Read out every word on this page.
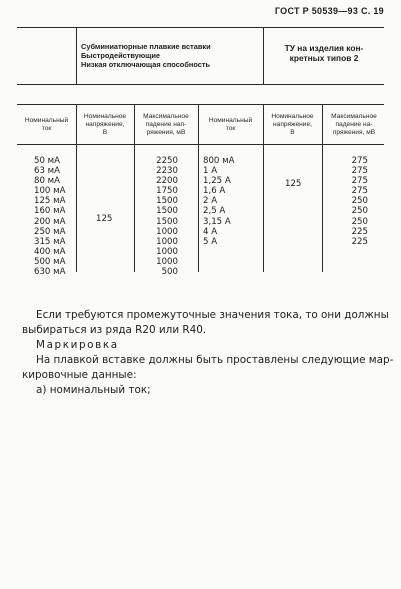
ГОСТ Р 50539—93 С. 19
Субминиатюрные плавкие вставки
Быстродействующие
Низкая отключающая способность
ТУ на изделия кон-
кретных типов 2
Номинальный
ток
Номинальное
напряжение,
В
Максимальное
падение нап-
ряжения, мВ
Номинальный
ток
Номинальное
напряжение,
В
Максимальное
падение на-
пряжения, мВ
50 мА
63 мА
80 мА
100 мА
125 мА
160 мА
200 мА
250 мА
315 мА
400 мА
500 мА
630 мА
125
2250
2230
2200
1750
1500
1500
1500
1000
1000
1000
1000
500
800 мА
1 А
1,25 А
1,6 А
2 А
2,5 А
3,15 А
4 А
5 А
125
275
275
275
275
250
250
250
225
225
Если требуются промежуточные значения тока, то они должны
выбираться из ряда R20 или R40.
Маркировка
На плавкой вставке должны быть проставлены следующие мар-
кировочные данные:
а) номинальный ток;
